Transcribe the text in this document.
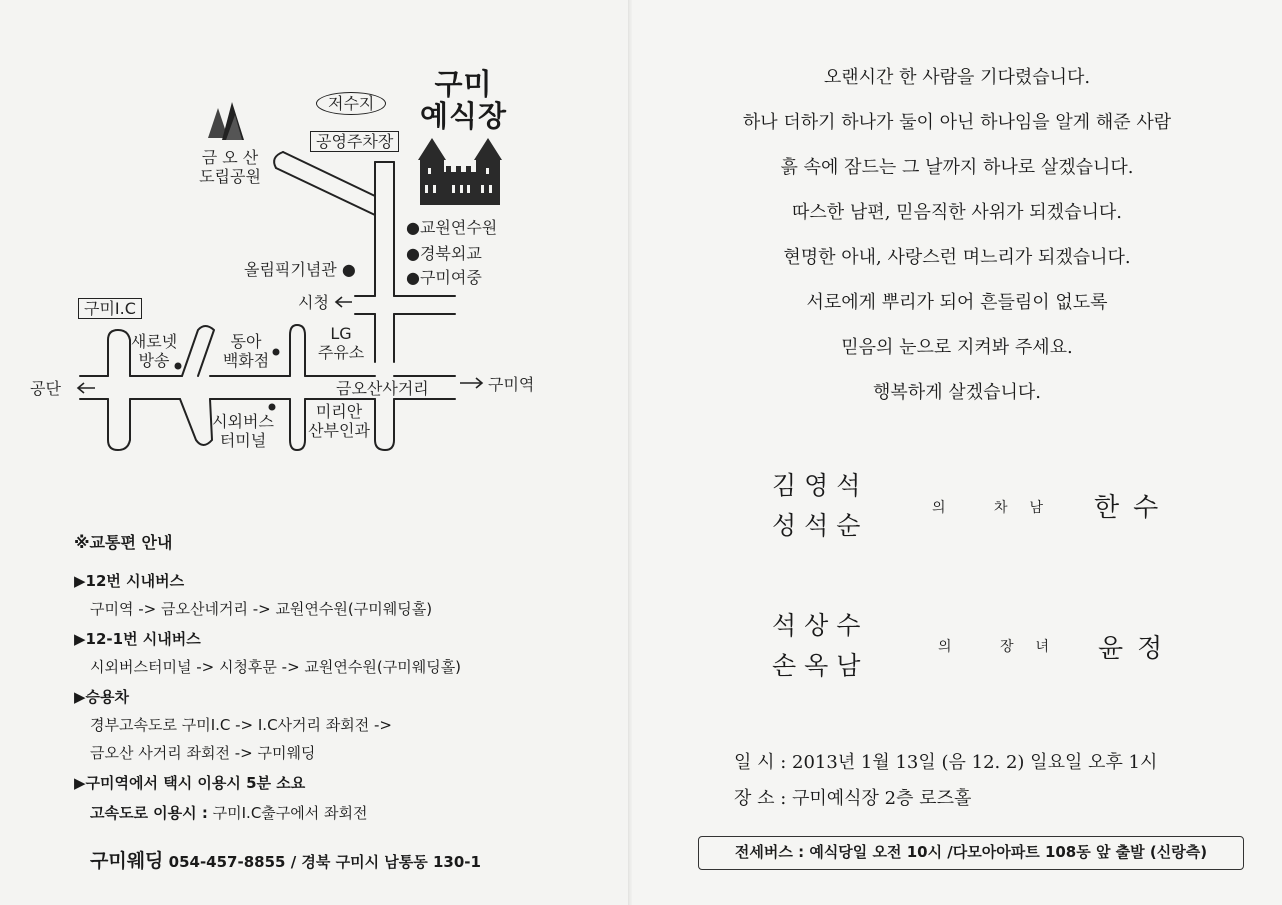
구미
예식장
저수지
공영주차장
금 오 산
도립공원
●교원연수원
●경북외교
●구미여중
올림픽기념관 ●
시청
구미I.C
새로넷
방송
동아
백화점
LG
주유소
공단	금오산사거리	구미역
시외버스
터미널
미리안
산부인과
※교통편 안내
▶12번 시내버스
구미역 -> 금오산네거리 -> 교원연수원(구미웨딩홀)
▶12-1번 시내버스
시외버스터미널 -> 시청후문 -> 교원연수원(구미웨딩홀)
▶승용차
경부고속도로 구미I.C -> I.C사거리 좌회전 ->
금오산 사거리 좌회전 -> 구미웨딩
▶구미역에서 택시 이용시 5분 소요
고속도로 이용시 : 구미I.C출구에서 좌회전
구미웨딩 054-457-8855 / 경북 구미시 남통동 130-1
오랜시간 한 사람을 기다렸습니다.
하나 더하기 하나가 둘이 아닌 하나임을 알게 해준 사람
흙 속에 잠드는 그 날까지 하나로 살겠습니다.
따스한 남편, 믿음직한 사위가 되겠습니다.
현명한 아내, 사랑스런 며느리가 되겠습니다.
서로에게 뿌리가 되어 흔들림이 없도록
믿음의 눈으로 지켜봐 주세요.
행복하게 살겠습니다.
김영석
성석순
의 차남 한수
석상수
손옥남
의 장녀 윤정
일 시 : 2013년 1월 13일 (음 12. 2) 일요일 오후 1시
장 소 : 구미예식장 2층 로즈홀
전세버스 : 예식당일 오전 10시 /다모아아파트 108동 앞 출발 (신랑측)
